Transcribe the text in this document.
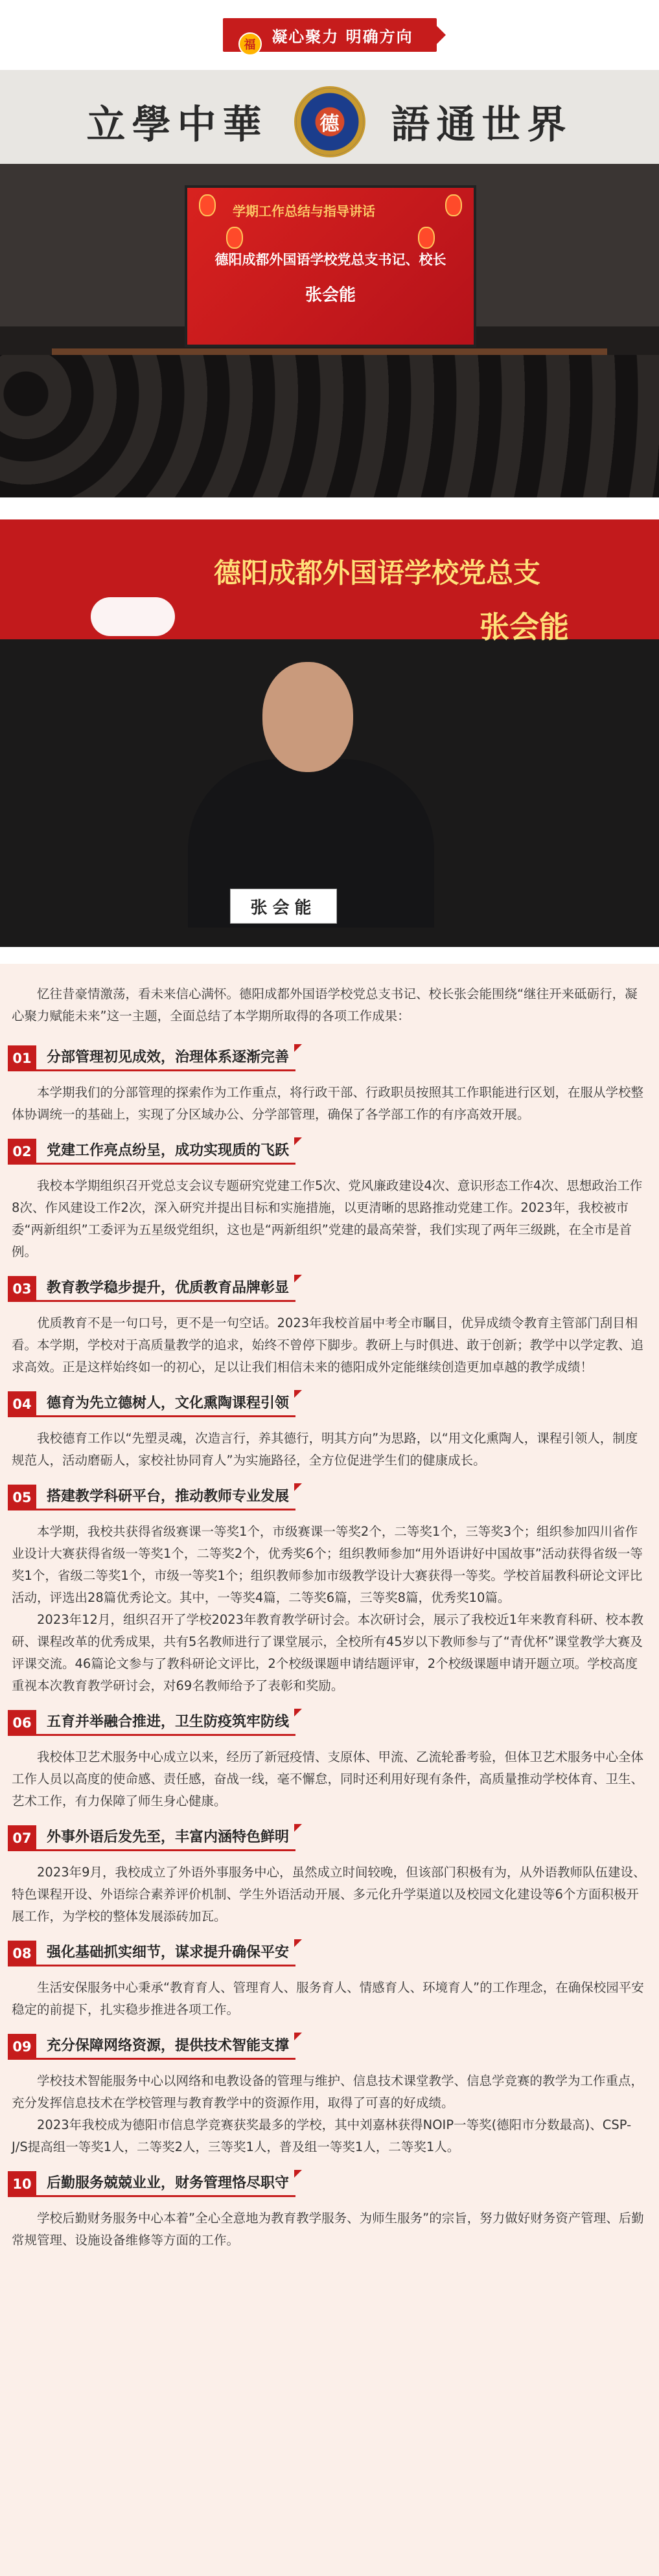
福	凝心聚力 明确方向
立學中華	德	語通世界
学期工作总结与指导讲话
德阳成都外国语学校党总支书记、校长
张会能
德阳成都外国语学校党总支
张会能
张会能

忆往昔豪情激荡，看未来信心满怀。德阳成都外国语学校党总支书记、校长张会能围绕“继往开来砥砺行，凝心聚力赋能未来”这一主题，全面总结了本学期所取得的各项工作成果：

01	分部管理初见成效，治理体系逐渐完善

本学期我们的分部管理的探索作为工作重点，将行政干部、行政职员按照其工作职能进行区划，在服从学校整体协调统一的基础上，实现了分区域办公、分学部管理，确保了各学部工作的有序高效开展。

02	党建工作亮点纷呈，成功实现质的飞跃

我校本学期组织召开党总支会议专题研究党建工作5次、党风廉政建设4次、意识形态工作4次、思想政治工作8次、作风建设工作2次，深入研究并提出目标和实施措施，以更清晰的思路推动党建工作。2023年，我校被市委“两新组织”工委评为五星级党组织，这也是“两新组织”党建的最高荣誉，我们实现了两年三级跳，在全市是首例。

03	教育教学稳步提升，优质教育品牌彰显

优质教育不是一句口号，更不是一句空话。2023年我校首届中考全市瞩目，优异成绩令教育主管部门刮目相看。本学期，学校对于高质量教学的追求，始终不曾停下脚步。教研上与时俱进、敢于创新；教学中以学定教、追求高效。正是这样始终如一的初心，足以让我们相信未来的德阳成外定能继续创造更加卓越的教学成绩！

04	德育为先立德树人，文化熏陶课程引领

我校德育工作以“先塑灵魂，次造言行，养其德行，明其方向”为思路，以“用文化熏陶人，课程引领人，制度规范人，活动磨砺人，家校社协同育人”为实施路径，全方位促进学生们的健康成长。

05	搭建教学科研平台，推动教师专业发展

本学期，我校共获得省级赛课一等奖1个，市级赛课一等奖2个，二等奖1个，三等奖3个；组织参加四川省作业设计大赛获得省级一等奖1个，二等奖2个，优秀奖6个；组织教师参加“用外语讲好中国故事”活动获得省级一等奖1个，省级二等奖1个，市级一等奖1个；组织教师参加市级教学设计大赛获得一等奖。学校首届教科研论文评比活动，评选出28篇优秀论文。其中，一等奖4篇，二等奖6篇，三等奖8篇，优秀奖10篇。

2023年12月，组织召开了学校2023年教育教学研讨会。本次研讨会，展示了我校近1年来教育科研、校本教研、课程改革的优秀成果，共有5名教师进行了课堂展示，全校所有45岁以下教师参与了“青优杯”课堂教学大赛及评课交流。46篇论文参与了教科研论文评比，2个校级课题申请结题评审，2个校级课题申请开题立项。学校高度重视本次教育教学研讨会，对69名教师给予了表彰和奖励。

06	五育并举融合推进，卫生防疫筑牢防线

我校体卫艺术服务中心成立以来，经历了新冠疫情、支原体、甲流、乙流轮番考验，但体卫艺术服务中心全体工作人员以高度的使命感、责任感，奋战一线，毫不懈怠，同时还利用好现有条件，高质量推动学校体育、卫生、艺术工作，有力保障了师生身心健康。

07	外事外语后发先至，丰富内涵特色鲜明

2023年9月，我校成立了外语外事服务中心，虽然成立时间较晚，但该部门积极有为，从外语教师队伍建设、特色课程开设、外语综合素养评价机制、学生外语活动开展、多元化升学渠道以及校园文化建设等6个方面积极开展工作，为学校的整体发展添砖加瓦。

08	强化基础抓实细节，谋求提升确保平安

生活安保服务中心秉承“教育育人、管理育人、服务育人、情感育人、环境育人”的工作理念，在确保校园平安稳定的前提下，扎实稳步推进各项工作。

09	充分保障网络资源，提供技术智能支撑

学校技术智能服务中心以网络和电教设备的管理与维护、信息技术课堂教学、信息学竞赛的教学为工作重点，充分发挥信息技术在学校管理与教育教学中的资源作用，取得了可喜的好成绩。

2023年我校成为德阳市信息学竞赛获奖最多的学校，其中刘嘉林获得NOIP一等奖(德阳市分数最高)、CSP-J/S提高组一等奖1人，二等奖2人，三等奖1人，普及组一等奖1人，二等奖1人。

10	后勤服务兢兢业业，财务管理恪尽职守

学校后勤财务服务中心本着”全心全意地为教育教学服务、为师生服务”的宗旨，努力做好财务资产管理、后勤常规管理、设施设备维修等方面的工作。
